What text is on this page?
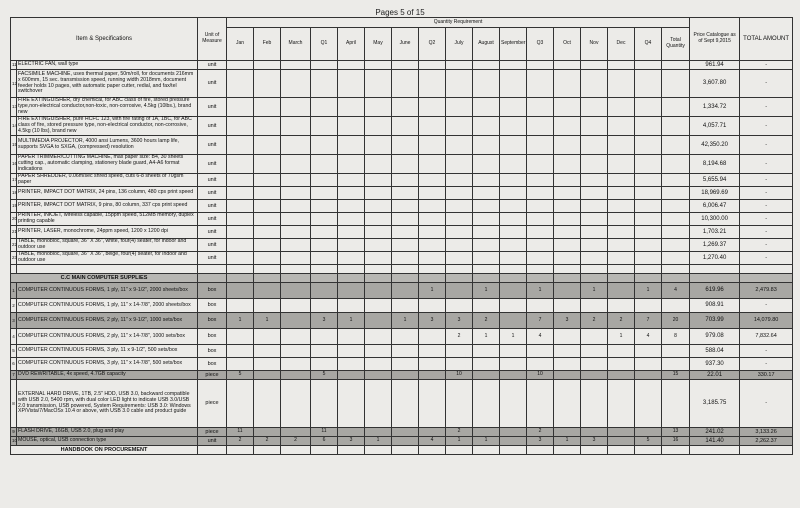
Pages 5 of 15
Item & Specifications		Unit of Measure	Quantity Requirement																	Price Catalogue as of Sept 9,2015	TOTAL AMOUNT
			Jan	Feb	March	Q1	April	May	June	Q2	July	August	September	Q3	Oct	Nov	Dec	Q4	Total Quantity		
11	ELECTRIC FAN, wall type	unit																		961.94	-
12	FACSIMILE MACHINE, uses thermal paper, 50m/roll, for documents 216mm x 600mm, 15 sec. transmission speed, running width 2018mm, document feeder holds 10 pages, with automatic paper cutter, redial, and fax/tel switchover	unit																		3,607.80	-
13	FIRE EXTINGUISHER, dry chemical, for ABC class of fire, stored pressure type,non-electrical conductor,non-toxic, non-corrosive, 4.5kg (10lbs.), brand new	unit																		1,334.72	-
14	FIRE EXTINGUISHER, pure HCFC 123, with fire rating of 1A, 1BC, for ABC class of fire, stored pressure type, non-electrical conductor, non-corrosive, 4.5kg (10 lbs), brand new	unit																		4,057.71	-
15	MULTIMEDIA PROJECTOR, 4000 ansi Lumens, 3600 hours lamp life, supports SVGA to SXGA, (compressed) resolution	unit																		42,350.20	-
16	PAPER TRIMMER/CUTTING MACHINE, max paper size: B4, 30 sheets cutting cap., automatic clamping, stationery blade guard, A4-A6 format indications	unit																		8,194.68	-
17	PAPER SHREDDER, 0.06m/sec shred speed, cuts 6-8 sheets of 70gsm paper	unit																		5,655.94	-
18	PRINTER, IMPACT DOT MATRIX, 24 pins, 136 column, 480 cps print speed	unit																		18,969.69	-
19	PRINTER, IMPACT DOT MATRIX, 9 pins, 80 column, 337 cps print speed	unit																		6,006.47	-
20	PRINTER, INKJET, wireless capable, 15ppm speed, 512MB memory, duplex printing capable	unit																		10,300.00	-
21	PRINTER, LASER, monochrome, 24ppm speed, 1200 x 1200 dpi	unit																		1,703.21	-
22	TABLE, monobloc, square, 36" X 36", white, four(4) seater, for indoor and outdoor use	unit																		1,269.37	-
23	TABLE, monobloc, square, 36" X 36", beige, four(4) seater, for indoor and outdoor use	unit																		1,270.40	-

C.C MAIN COMPUTER SUPPLIES																					
1	COMPUTER CONTINUOUS FORMS, 1 ply, 11" x 9-1/2", 2000 sheets/box	box								1		1		1		1		1	4	619.96	2,479.83
2	COMPUTER CONTINUOUS FORMS, 1 ply, 11" x 14-7/8", 2000 sheets/box	box																		908.91	-
3	COMPUTER CONTINUOUS FORMS, 2 ply, 11" x 9-1/2", 1000 sets/box	box	1	1		3	1		1	3	3	2		7	3	2	2	7	20	703.99	14,079.80
4	COMPUTER CONTINUOUS FORMS, 2 ply, 11" x 14-7/8", 1000 sets/box	box									2	1	1	4			1	4	8	979.08	7,832.64
5	COMPUTER CONTINUOUS FORMS, 3 ply, 11 x 9-1/2", 500 sets/box	box																		588.04	-
6	COMPUTER CONTINUOUS FORMS, 3 ply, 11" x 14-7/8", 500 sets/box	box																		937.30	-
7	DVD REWRITABLE, 4x speed, 4.7GB capacity	piece	5			5					10			10					15	22.01	330.17
8	EXTERNAL HARD DRIVE, 1TB, 2.5" HDD, USB 3.0, backward compatible with USB 2.0, 5400 rpm, with dual color LED light to indicate USB 3.0/USB 2.0 transmission, USB powered, System Requirements: USB 3.0: Windows XP/Vista/7/MacOSx 10.4 or above, with USB 3.0 cable and product guide	piece																		3,185.75	-
9	FLASH DRIVE, 16GB, USB 2.0, plug and play	piece	11			11					2			2					13	241.02	3,133.26
10	MOUSE, optical, USB connection type	unit	2	2	2	6	3	1		4	1	1		3	1	3		5	16	141.40	2,262.37
HANDBOOK ON PROCUREMENT																					
